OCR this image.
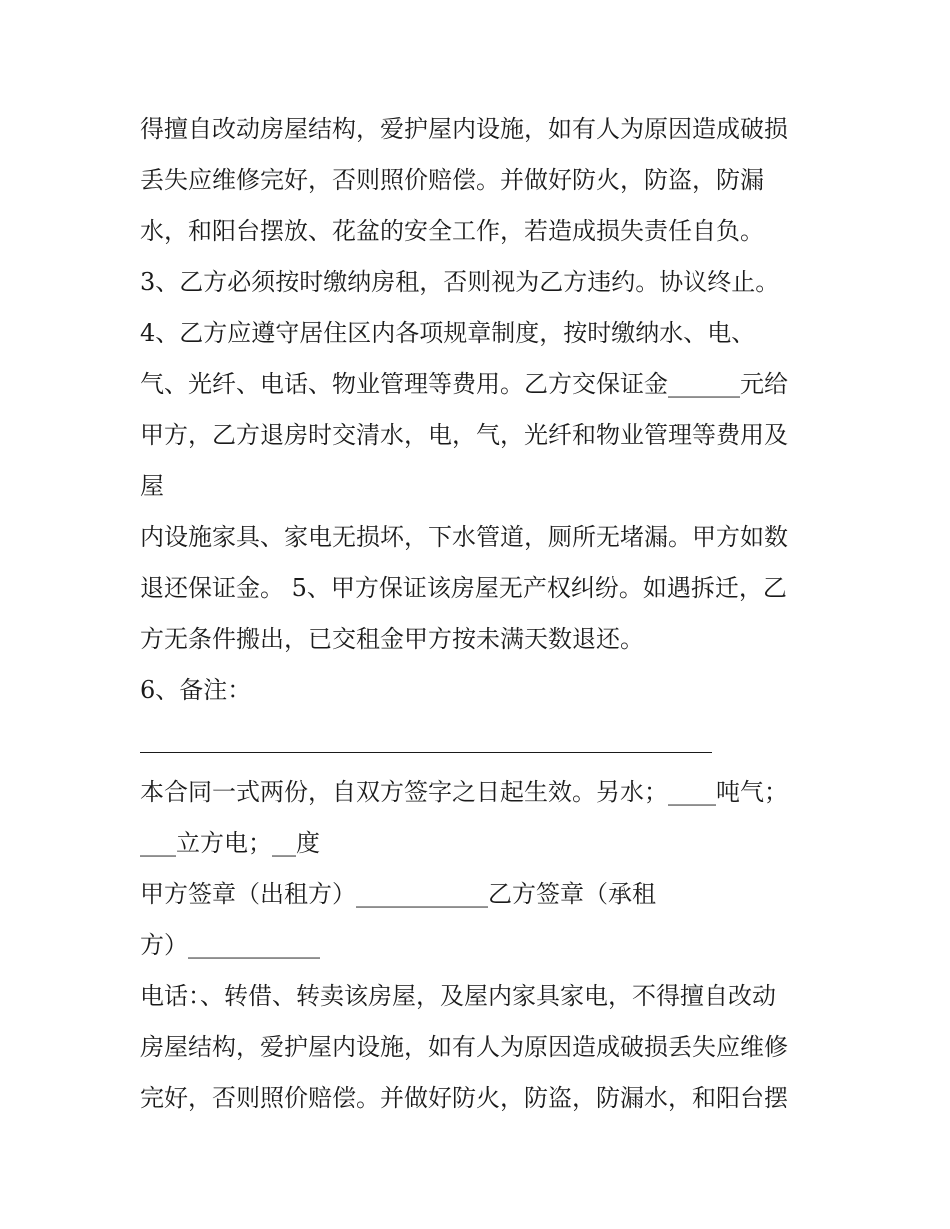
得擅自改动房屋结构，爱护屋内设施，如有人为原因造成破损
丢失应维修完好，否则照价赔偿。并做好防火，防盗，防漏
水，和阳台摆放、花盆的安全工作，若造成损失责任自负。
3、乙方必须按时缴纳房租，否则视为乙方违约。协议终止。
4、乙方应遵守居住区内各项规章制度，按时缴纳水、电、
气、光纤、电话、物业管理等费用。乙方交保证金______元给
甲方，乙方退房时交清水，电，气，光纤和物业管理等费用及
屋
内设施家具、家电无损坏，下水管道，厕所无堵漏。甲方如数
退还保证金。 5、甲方保证该房屋无产权纠纷。如遇拆迁，乙
方无条件搬出，已交租金甲方按未满天数退还。
6、备注：
本合同一式两份，自双方签字之日起生效。另水；____吨气；
___立方电；__度
甲方签章（出租方）___________乙方签章（承租
方）___________
电话：、转借、转卖该房屋，及屋内家具家电，不得擅自改动
房屋结构，爱护屋内设施，如有人为原因造成破损丢失应维修
完好，否则照价赔偿。并做好防火，防盗，防漏水，和阳台摆
